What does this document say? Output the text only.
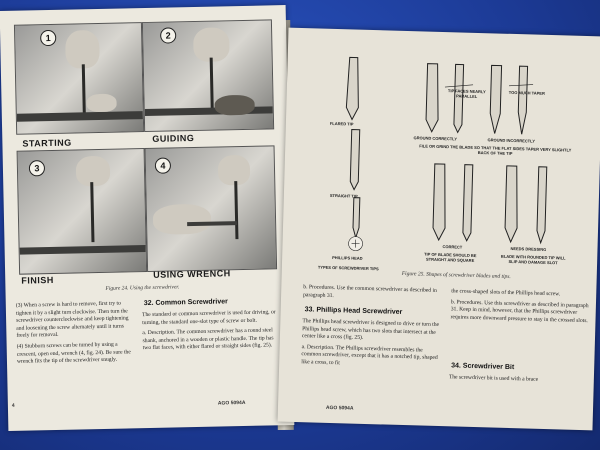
1	2
STARTING	GUIDING
3	4
FINISH
USING WRENCH
Figure 24. Using the screwdriver.

(3) When a screw is hard to remove, first try to tighten it by a slight turn clockwise. Then turn the screwdriver counterclockwise and keep tightening and loosening the screw alternately until it turns freely for removal.

(4) Stubborn screws can be turned by using a crescent, open end, wrench (4, fig. 24). Be sure the wrench fits the tip of the screwdriver snugly.

32. Common Screwdriver

The standard or common screwdriver is used for driving, or turning, the standard one-slot type of screw or bolt.

a. Description. The common screwdriver has a round steel shank, anchored in a wooden or plastic handle. The tip has two flat faces, with either flared or straight sides (fig. 25).

4	AGO 5094A
FLARED TIP
STRAIGHT TIP
PHILLIPS HEAD
TYPES OF SCREWDRIVER TIPS
TIP FACES NEARLY PARALLEL
TOO MUCH TAPER
GROUND CORRECTLY	GROUND INCORRECTLY
FILE OR GRIND THE BLADE SO THAT THE FLAT SIDES TAPER VERY SLIGHTLY BACK OF THE TIP
CORRECT
TIP OF BLADE SHOULD BE STRAIGHT AND SQUARE
NEEDS DRESSING
BLADE WITH ROUNDED TIP WILL SLIP AND DAMAGE SLOT
Figure 25. Shapes of screwdriver blades and tips.

b. Procedures. Use the common screwdriver as described in paragraph 31.

33. Phillips Head Screwdriver

The Phillips head screwdriver is designed to drive or turn the Phillips head screw, which has two slots that intersect at the center like a cross (fig. 25).

a. Description. The Phillips screwdriver resembles the common screwdriver, except that it has a notched tip, shaped like a cross, to fit

the cross-shaped slots of the Phillips head screw.

b. Procedures. Use this screwdriver as described in paragraph 31. Keep in mind, however, that the Phillips screwdriver requires more downward pressure to stay in the crossed slots.

34. Screwdriver Bit

The screwdriver bit is used with a brace

AGO 5094A
